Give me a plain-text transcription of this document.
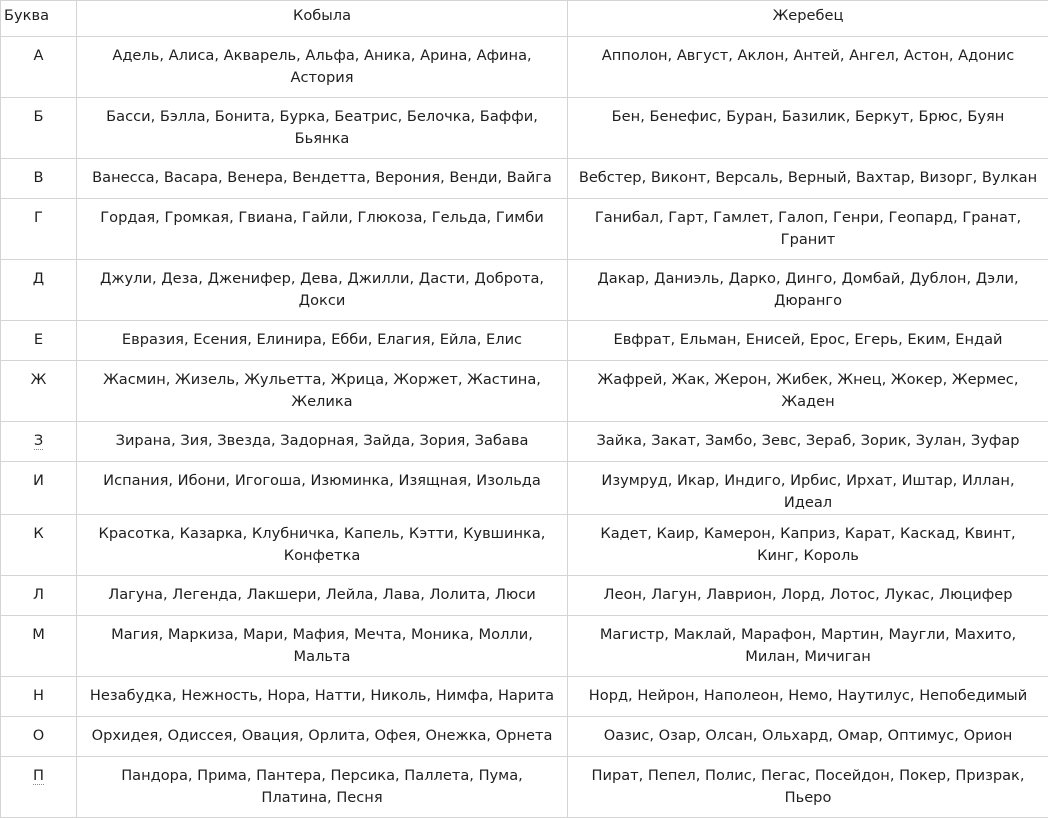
Буква	Кобыла	Жеребец
А	Адель, Алиса, Акварель, Альфа, Аника, Арина, Афина, Астория	Апполон, Август, Аклон, Антей, Ангел, Астон, Адонис
Б	Басси, Бэлла, Бонита, Бурка, Беатрис, Белочка, Баффи, Бьянка	Бен, Бенефис, Буран, Базилик, Беркут, Брюс, Буян
В	Ванесса, Васара, Венера, Вендетта, Верония, Венди, Вайга	Вебстер, Виконт, Версаль, Верный, Вахтар, Визорг, Вулкан
Г	Гордая, Громкая, Гвиана, Гайли, Глюкоза, Гельда, Гимби	Ганибал, Гарт, Гамлет, Галоп, Генри, Геопард, Гранат, Гранит
Д	Джули, Деза, Дженифер, Дева, Джилли, Дасти, Доброта, Докси	Дакар, Даниэль, Дарко, Динго, Домбай, Дублон, Дэли, Дюранго
Е	Евразия, Есения, Елинира, Ебби, Елагия, Ейла, Елис	Евфрат, Ельман, Енисей, Ерос, Егерь, Еким, Ендай
Ж	Жасмин, Жизель, Жульетта, Жрица, Жоржет, Жастина, Желика	Жафрей, Жак, Жерон, Жибек, Жнец, Жокер, Жермес, Жаден
З	Зирана, Зия, Звезда, Задорная, Зайда, Зория, Забава	Зайка, Закат, Замбо, Зевс, Зераб, Зорик, Зулан, Зуфар
И	Испания, Ибони, Игогоша, Изюминка, Изящная, Изольда	Изумруд, Икар, Индиго, Ирбис, Ирхат, Иштар, Иллан, Идеал
К	Красотка, Казарка, Клубничка, Капель, Кэтти, Кувшинка, Конфетка	Кадет, Каир, Камерон, Каприз, Карат, Каскад, Квинт, Кинг, Король
Л	Лагуна, Легенда, Лакшери, Лейла, Лава, Лолита, Люси	Леон, Лагун, Лаврион, Лорд, Лотос, Лукас, Люцифер
М	Магия, Маркиза, Мари, Мафия, Мечта, Моника, Молли, Мальта	Магистр, Маклай, Марафон, Мартин, Маугли, Махито, Милан, Мичиган
Н	Незабудка, Нежность, Нора, Натти, Николь, Нимфа, Нарита	Норд, Нейрон, Наполеон, Немо, Наутилус, Непобедимый
О	Орхидея, Одиссея, Овация, Орлита, Офея, Онежка, Орнета	Оазис, Озар, Олсан, Ольхард, Омар, Оптимус, Орион
П	Пандора, Прима, Пантера, Персика, Паллета, Пума, Платина, Песня	Пират, Пепел, Полис, Пегас, Посейдон, Покер, Призрак, Пьеро
